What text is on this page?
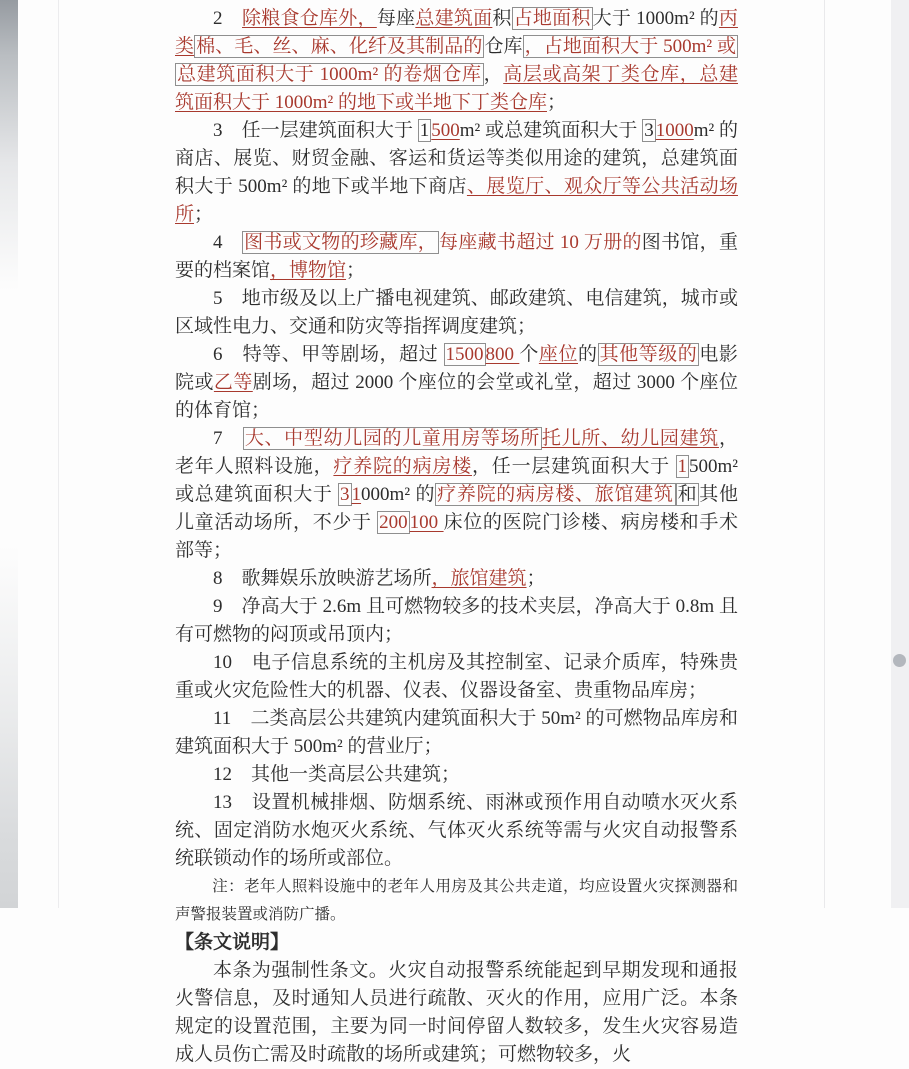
2　除粮食仓库外，每座总建筑面积 占地面积 大于 1000m² 的丙类 棉、毛、丝、麻、化纤及其制品的 仓库 ，占地面积大于 500m² 或总建筑面积大于 1000m² 的卷烟仓库 ，高层或高架丁类仓库，总建筑面积大于 1000m² 的地下或半地下丁类仓库；

3　任一层建筑面积大于 1 500m² 或总建筑面积大于 3 1000m² 的商店、展览、财贸金融、客运和货运等类似用途的建筑，总建筑面积大于 500m² 的地下或半地下商店、展览厅、观众厅等公共活动场所；

4　图书或文物的珍藏库， 每座藏书超过 10 万册的图书馆，重要的档案馆，博物馆；

5　地市级及以上广播电视建筑、邮政建筑、电信建筑，城市或区域性电力、交通和防灾等指挥调度建筑；

6　特等、甲等剧场，超过 1500 800 个座位的 其他等级的 电影院或乙等剧场，超过 2000 个座位的会堂或礼堂，超过 3000 个座位的体育馆；

7　大、中型幼儿园的儿童用房等场所 托儿所、幼儿园建筑，老年人照料设施，疗养院的病房楼，任一层建筑面积大于 1 500m² 或总建筑面积大于 3 1000m² 的 疗养院的病房楼、旅馆建筑 和 其他儿童活动场所，不少于 200 100 床位的医院门诊楼、病房楼和手术部等；

8　歌舞娱乐放映游艺场所，旅馆建筑；

9　净高大于 2.6m 且可燃物较多的技术夹层，净高大于 0.8m 且有可燃物的闷顶或吊顶内；

10　电子信息系统的主机房及其控制室、记录介质库，特殊贵重或火灾危险性大的机器、仪表、仪器设备室、贵重物品库房；

11　二类高层公共建筑内建筑面积大于 50m² 的可燃物品库房和建筑面积大于 500m² 的营业厅；

12　其他一类高层公共建筑；

13　设置机械排烟、防烟系统、雨淋或预作用自动喷水灭火系统、固定消防水炮灭火系统、气体灭火系统等需与火灾自动报警系统联锁动作的场所或部位。

注：老年人照料设施中的老年人用房及其公共走道，均应设置火灾探测器和声警报装置或消防广播。

【条文说明】

本条为强制性条文。火灾自动报警系统能起到早期发现和通报火警信息，及时通知人员进行疏散、灭火的作用，应用广泛。本条规定的设置范围，主要为同一时间停留人数较多，发生火灾容易造成人员伤亡需及时疏散的场所或建筑；可燃物较多，火
